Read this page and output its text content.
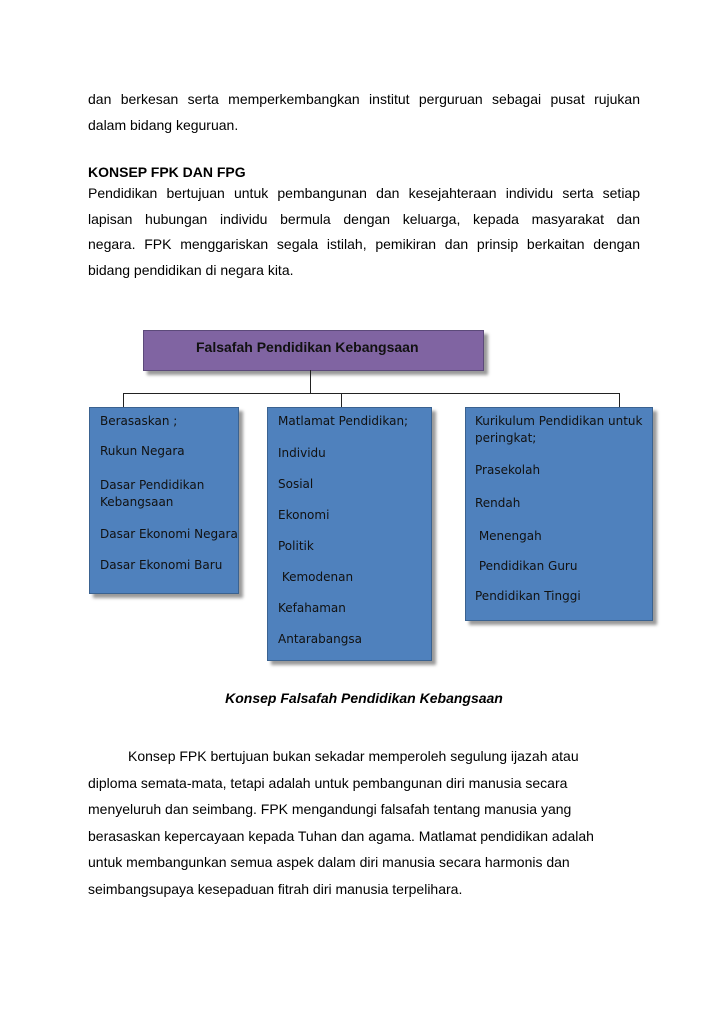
dan berkesan serta memperkembangkan institut perguruan sebagai pusat rujukan
dalam bidang keguruan.
KONSEP FPK DAN FPG
Pendidikan bertujuan untuk pembangunan dan kesejahteraan individu serta setiap
lapisan hubungan individu bermula dengan keluarga, kepada masyarakat dan
negara. FPK menggariskan segala istilah, pemikiran dan prinsip berkaitan dengan
bidang pendidikan di negara kita.
Falsafah Pendidikan Kebangsaan
Berasaskan ;
Rukun Negara
Dasar Pendidikan
Kebangsaan
Dasar Ekonomi Negara
Dasar Ekonomi Baru
Matlamat Pendidikan;
Individu
Sosial
Ekonomi
Politik
Kemodenan
Kefahaman
Antarabangsa
Kurikulum Pendidikan untuk
peringkat;
Prasekolah
Rendah
Menengah
Pendidikan Guru
Pendidikan Tinggi
Konsep Falsafah Pendidikan Kebangsaan
Konsep FPK bertujuan bukan sekadar memperoleh segulung ijazah atau
diploma semata-mata, tetapi adalah untuk pembangunan diri manusia secara
menyeluruh dan seimbang. FPK mengandungi falsafah tentang manusia yang
berasaskan kepercayaan kepada Tuhan dan agama. Matlamat pendidikan adalah
untuk membangunkan semua aspek dalam diri manusia secara harmonis dan
seimbangsupaya kesepaduan fitrah diri manusia terpelihara.
